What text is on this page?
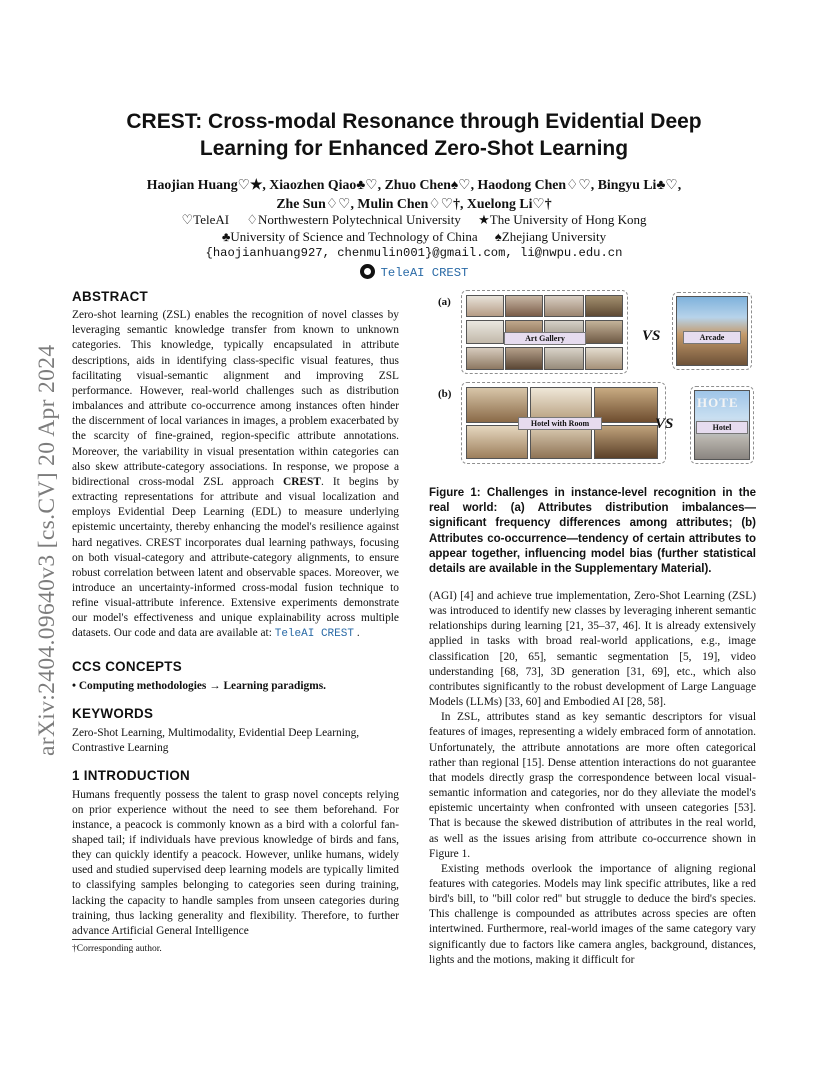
arXiv:2404.09640v3 [cs.CV] 20 Apr 2024
CREST: Cross-modal Resonance through Evidential Deep Learning for Enhanced Zero-Shot Learning
Haojian Huang♡★, Xiaozhen Qiao♣♡, Zhuo Chen♠♡, Haodong Chen♢♡, Bingyu Li♣♡,
Zhe Sun♢♡, Mulin Chen♢♡†, Xuelong Li♡†
♡TeleAI ♢Northwestern Polytechnical University ★The University of Hong Kong
♣University of Science and Technology of China ♠Zhejiang University
{haojianhuang927, chenmulin001}@gmail.com, li@nwpu.edu.cn
TeleAI CREST
ABSTRACT

Zero-shot learning (ZSL) enables the recognition of novel classes by leveraging semantic knowledge transfer from known to unknown categories. This knowledge, typically encapsulated in attribute descriptions, aids in identifying class-specific visual features, thus facilitating visual-semantic alignment and improving ZSL performance. However, real-world challenges such as distribution imbalances and attribute co-occurrence among instances often hinder the discernment of local variances in images, a problem exacerbated by the scarcity of fine-grained, region-specific attribute annotations. Moreover, the variability in visual presentation within categories can also skew attribute-category associations. In response, we propose a bidirectional cross-modal ZSL approach CREST. It begins by extracting representations for attribute and visual localization and employs Evidential Deep Learning (EDL) to measure underlying epistemic uncertainty, thereby enhancing the model's resilience against hard negatives. CREST incorporates dual learning pathways, focusing on both visual-category and attribute-category alignments, to ensure robust correlation between latent and observable spaces. Moreover, we introduce an uncertainty-informed cross-modal fusion technique to refine visual-attribute inference. Extensive experiments demonstrate our model's effectiveness and unique explainability across multiple datasets. Our code and data are available at: TeleAI CREST .

CCS CONCEPTS

• Computing methodologies → Learning paradigms.

KEYWORDS

Zero-Shot Learning, Multimodality, Evidential Deep Learning, Contrastive Learning

1 INTRODUCTION

Humans frequently possess the talent to grasp novel concepts relying on prior experience without the need to see them beforehand. For instance, a peacock is commonly known as a bird with a colorful fan-shaped tail; if individuals have previous knowledge of birds and fans, they can quickly identify a peacock. However, unlike humans, widely used and studied supervised deep learning models are typically limited to classifying samples belonging to categories seen during training, lacking the capacity to handle samples from unseen categories during training, thus lacking generality and flexibility. Therefore, to further advance Artificial General Intelligence

†Corresponding author.
(a)
Art Gallery	VS	Arcade
(b)
Hotel with Room	VS
HOTE
Hotel
Figure 1: Challenges in instance-level recognition in the real world: (a) Attributes distribution imbalances—significant frequency differences among attributes; (b) Attributes co-occurrence—tendency of certain attributes to appear together, influencing model bias (further statistical details are available in the Supplementary Material).

(AGI) [4] and achieve true implementation, Zero-Shot Learning (ZSL) was introduced to identify new classes by leveraging inherent semantic relationships during learning [21, 35–37, 46]. It is already extensively applied in tasks with broad real-world applications, e.g., image classification [20, 65], semantic segmentation [5, 19], video understanding [68, 73], 3D generation [31, 69], etc., which also contributes significantly to the robust development of Large Language Models (LLMs) [33, 60] and Embodied AI [28, 58].

In ZSL, attributes stand as key semantic descriptors for visual features of images, representing a widely embraced form of annotation. Unfortunately, the attribute annotations are more often categorical rather than regional [15]. Dense attention interactions do not guarantee that models directly grasp the correspondence between local visual-semantic information and categories, nor do they alleviate the model's epistemic uncertainty when confronted with unseen categories [53]. That is because the skewed distribution of attributes in the real world, as well as the issues arising from attribute co-occurrence shown in Figure 1.

Existing methods overlook the importance of aligning regional features with categories. Models may link specific attributes, like a red bird's bill, to "bill color red" but struggle to deduce the bird's species. This challenge is compounded as attributes across species are often intertwined. Furthermore, real-world images of the same category vary significantly due to factors like camera angles, background, distances, lights and the motions, making it difficult for
